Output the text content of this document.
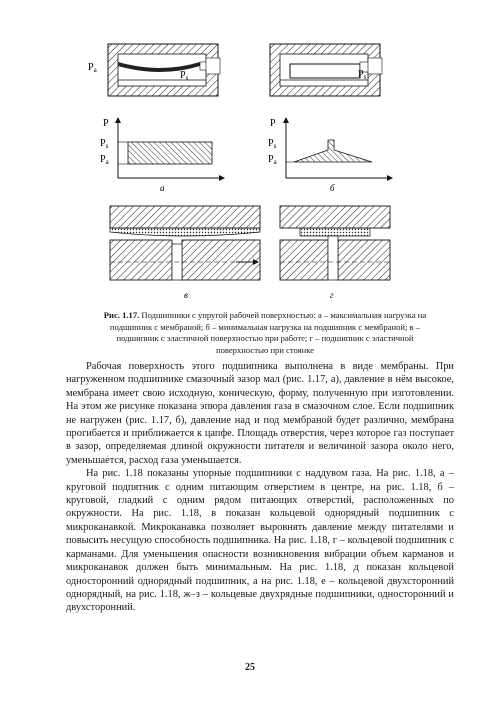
$P_a$	$P_s$	$P_s$
P
$P_s$
$P_a$
а
P
$P_s$
$P_a$
б
в	г
Рис. 1.17. Подшипники с упругой рабочей поверхностью: а – максимальная нагрузка на подшипник с мембраной; б – минимальная нагрузка на подшипник с мембраной; в – подшипник с эластичной поверхностью при работе; г – подшипник с эластичной поверхностью при стоянке

Рабочая поверхность этого подшипника выполнена в виде мембраны. При нагруженном подшипнике смазочный зазор мал (рис. 1.17, а), давление в нём высокое, мембрана имеет свою исходную, коническую, форму, полученную при изготовлении. На этом же рисунке показана эпюра давления газа в смазочном слое. Если подшипник не нагружен (рис. 1.17, б), давление над и под мембраной будет различно, мембрана прогибается и приближается к цапфе. Площадь отверстия, через которое газ поступает в зазор, определяемая длиной окружности питателя и величиной зазора около него, уменьшается, расход газа уменьшается.

На рис. 1.18 показаны упорные подшипники с наддувом газа. На рис. 1.18, а – круговой подпятник с одним питающим отверстием в центре, на рис. 1.18, б – круговой, гладкий с одним рядом питающих отверстий, расположенных по окружности. На рис. 1.18, в показан кольцевой однорядный подшипник с микроканавкой. Микроканавка позволяет выровнять давление между питателями и повысить несущую способность подшипника. На рис. 1.18, г – кольцевой подшипник с карманами. Для уменьшения опасности возникновения вибрации объем карманов и микроканавок должен быть минимальным. На рис. 1.18, д показан кольцевой односторонний однорядный подшипник, а на рис. 1.18, е – кольцевой двухсторонний однорядный, на рис. 1.18, ж–з – кольцевые двухрядные подшипники, односторонний и двухсторонний.

25
